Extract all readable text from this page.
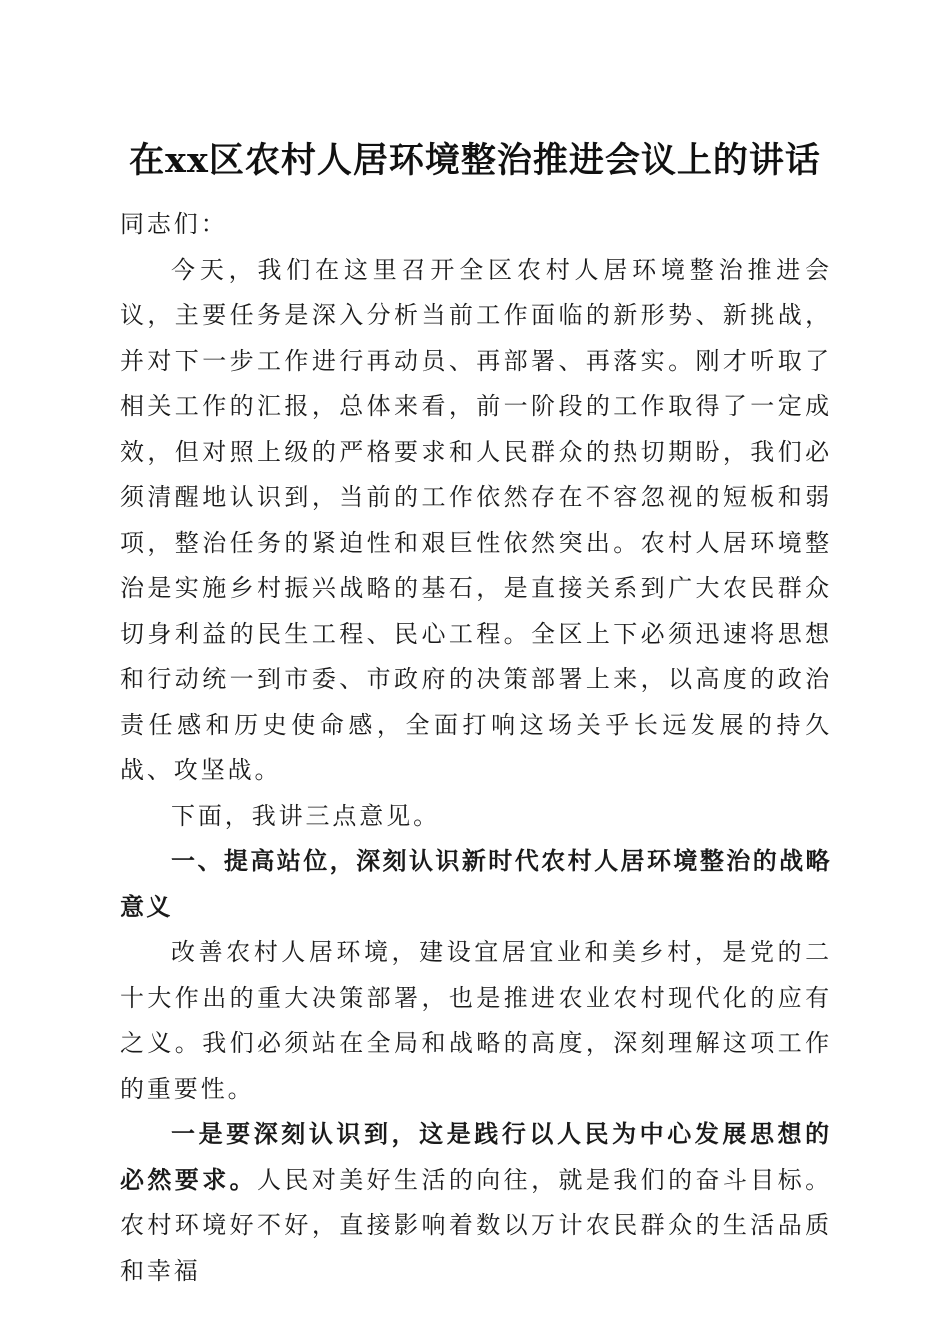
在xx区农村人居环境整治推进会议上的讲话

同志们：

今天，我们在这里召开全区农村人居环境整治推进会议，主要任务是深入分析当前工作面临的新形势、新挑战，并对下一步工作进行再动员、再部署、再落实。刚才听取了相关工作的汇报，总体来看，前一阶段的工作取得了一定成效，但对照上级的严格要求和人民群众的热切期盼，我们必须清醒地认识到，当前的工作依然存在不容忽视的短板和弱项，整治任务的紧迫性和艰巨性依然突出。农村人居环境整治是实施乡村振兴战略的基石，是直接关系到广大农民群众切身利益的民生工程、民心工程。全区上下必须迅速将思想和行动统一到市委、市政府的决策部署上来，以高度的政治责任感和历史使命感，全面打响这场关乎长远发展的持久战、攻坚战。

下面，我讲三点意见。

一、提高站位，深刻认识新时代农村人居环境整治的战略意义

改善农村人居环境，建设宜居宜业和美乡村，是党的二十大作出的重大决策部署，也是推进农业农村现代化的应有之义。我们必须站在全局和战略的高度，深刻理解这项工作的重要性。

一是要深刻认识到，这是践行以人民为中心发展思想的必然要求。人民对美好生活的向往，就是我们的奋斗目标。农村环境好不好，直接影响着数以万计农民群众的生活品质和幸福
